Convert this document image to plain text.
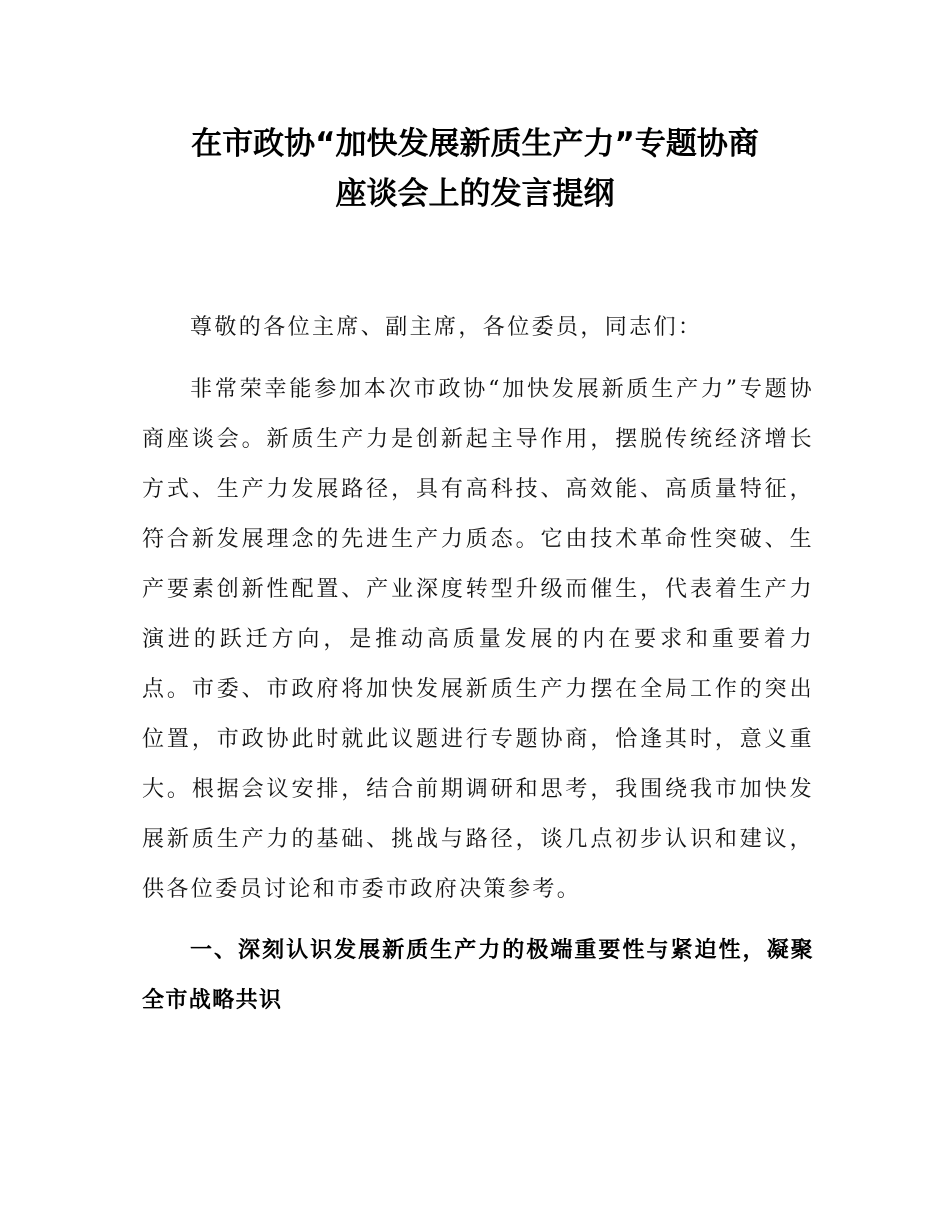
在市政协“加快发展新质生产力”专题协商
座谈会上的发言提纲

尊敬的各位主席、副主席，各位委员，同志们：

非常荣幸能参加本次市政协“加快发展新质生产力”专题协商座谈会。新质生产力是创新起主导作用，摆脱传统经济增长方式、生产力发展路径，具有高科技、高效能、高质量特征，符合新发展理念的先进生产力质态。它由技术革命性突破、生产要素创新性配置、产业深度转型升级而催生，代表着生产力演进的跃迁方向，是推动高质量发展的内在要求和重要着力点。市委、市政府将加快发展新质生产力摆在全局工作的突出位置，市政协此时就此议题进行专题协商，恰逢其时，意义重大。根据会议安排，结合前期调研和思考，我围绕我市加快发展新质生产力的基础、挑战与路径，谈几点初步认识和建议，供各位委员讨论和市委市政府决策参考。

一、深刻认识发展新质生产力的极端重要性与紧迫性，凝聚全市战略共识
